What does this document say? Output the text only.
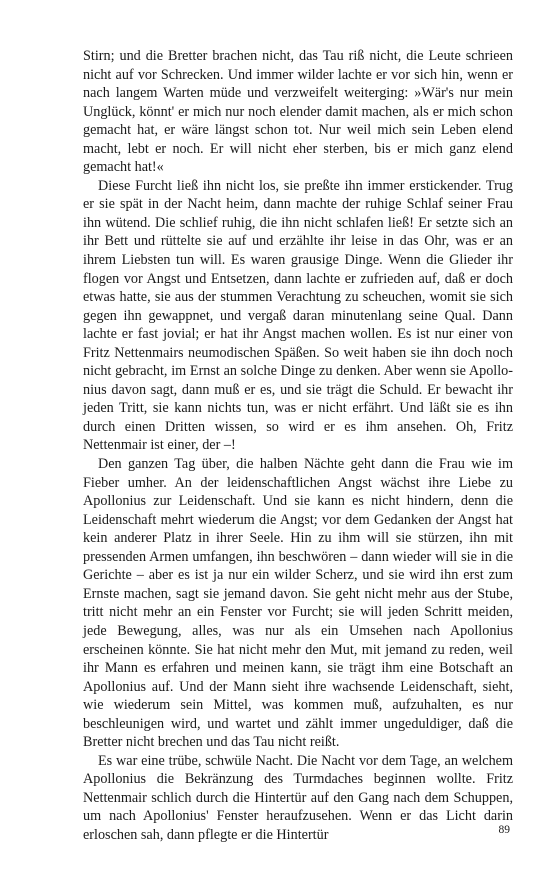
Stirn; und die Bretter brachen nicht, das Tau riß nicht, die Leute schrieen nicht auf vor Schrecken. Und immer wilder lachte er vor sich hin, wenn er nach langem Warten müde und verzweifelt weiterging: »Wär's nur mein Unglück, könnt' er mich nur noch elender damit machen, als er mich schon gemacht hat, er wäre längst schon tot. Nur weil mich sein Leben elend macht, lebt er noch. Er will nicht eher sterben, bis er mich ganz elend gemacht hat!«

Diese Furcht ließ ihn nicht los, sie preßte ihn immer erstickender. Trug er sie spät in der Nacht heim, dann machte der ruhige Schlaf seiner Frau ihn wütend. Die schlief ruhig, die ihn nicht schlafen ließ! Er setzte sich an ihr Bett und rüttelte sie auf und erzählte ihr leise in das Ohr, was er an ihrem Liebsten tun will. Es waren grausige Dinge. Wenn die Glieder ihr flogen vor Angst und Entsetzen, dann lachte er zufrieden auf, daß er doch etwas hatte, sie aus der stummen Verachtung zu scheuchen, womit sie sich gegen ihn gewappnet, und vergaß daran minutenlang seine Qual. Dann lachte er fast jovial; er hat ihr Angst machen wollen. Es ist nur einer von Fritz Nettenmairs neumodischen Späßen. So weit haben sie ihn doch noch nicht gebracht, im Ernst an solche Dinge zu denken. Aber wenn sie Apollonius davon sagt, dann muß er es, und sie trägt die Schuld. Er bewacht ihr jeden Tritt, sie kann nichts tun, was er nicht erfährt. Und läßt sie es ihn durch einen Dritten wissen, so wird er es ihm ansehen. Oh, Fritz Nettenmair ist einer, der –!

Den ganzen Tag über, die halben Nächte geht dann die Frau wie im Fieber umher. An der leidenschaftlichen Angst wächst ihre Liebe zu Apollonius zur Leidenschaft. Und sie kann es nicht hindern, denn die Leidenschaft mehrt wiederum die Angst; vor dem Gedanken der Angst hat kein anderer Platz in ihrer Seele. Hin zu ihm will sie stürzen, ihn mit pressenden Armen umfangen, ihn beschwören – dann wieder will sie in die Gerichte – aber es ist ja nur ein wilder Scherz, und sie wird ihn erst zum Ernste machen, sagt sie jemand davon. Sie geht nicht mehr aus der Stube, tritt nicht mehr an ein Fenster vor Furcht; sie will jeden Schritt meiden, jede Bewegung, alles, was nur als ein Umsehen nach Apollonius erscheinen könnte. Sie hat nicht mehr den Mut, mit jemand zu reden, weil ihr Mann es erfahren und meinen kann, sie trägt ihm eine Botschaft an Apollonius auf. Und der Mann sieht ihre wachsende Leidenschaft, sieht, wie wiederum sein Mittel, was kommen muß, aufzuhalten, es nur beschleunigen wird, und wartet und zählt immer ungeduldiger, daß die Bretter nicht brechen und das Tau nicht reißt.

Es war eine trübe, schwüle Nacht. Die Nacht vor dem Tage, an welchem Apollonius die Bekränzung des Turmdaches beginnen wollte. Fritz Nettenmair schlich durch die Hintertür auf den Gang nach dem Schuppen, um nach Apollonius' Fenster heraufzusehen. Wenn er das Licht darin erloschen sah, dann pflegte er die Hintertür	89
